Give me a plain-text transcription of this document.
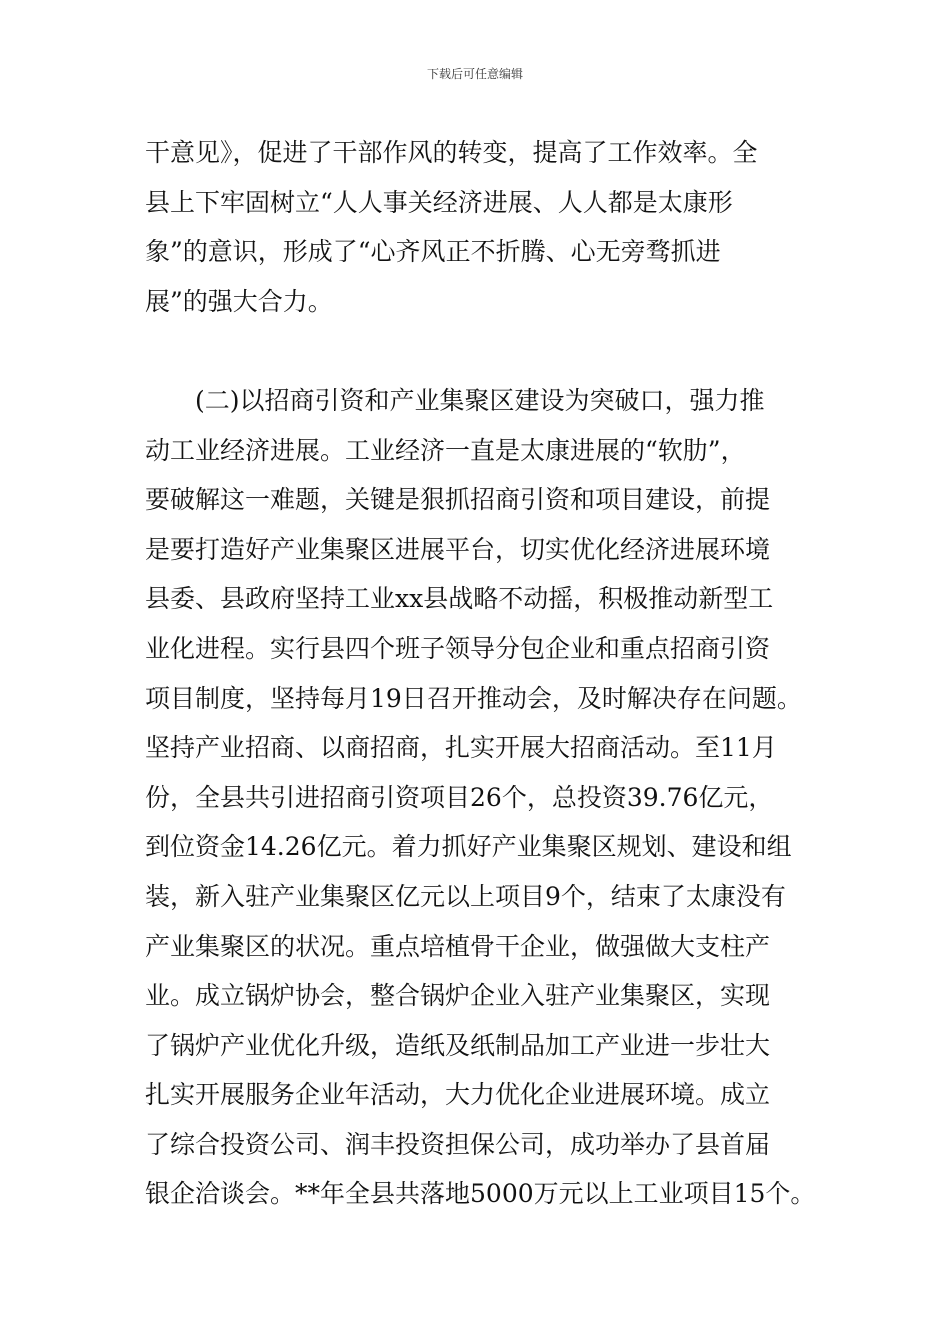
下载后可任意编辑
干意见》，促进了干部作风的转变，提高了工作效率。全
县上下牢固树立“人人事关经济进展、人人都是太康形
象”的意识，形成了“心齐风正不折腾、心无旁骛抓进
展”的强大合力。
　　(二)以招商引资和产业集聚区建设为突破口，强力推
动工业经济进展。工业经济一直是太康进展的“软肋”，
要破解这一难题，关键是狠抓招商引资和项目建设，前提
是要打造好产业集聚区进展平台，切实优化经济进展环境
县委、县政府坚持工业xx县战略不动摇，积极推动新型工
业化进程。实行县四个班子领导分包企业和重点招商引资
项目制度，坚持每月19日召开推动会，及时解决存在问题。
坚持产业招商、以商招商，扎实开展大招商活动。至11月
份，全县共引进招商引资项目26个，总投资39.76亿元，
到位资金14.26亿元。着力抓好产业集聚区规划、建设和组
装，新入驻产业集聚区亿元以上项目9个，结束了太康没有
产业集聚区的状况。重点培植骨干企业，做强做大支柱产
业。成立锅炉协会，整合锅炉企业入驻产业集聚区，实现
了锅炉产业优化升级，造纸及纸制品加工产业进一步壮大
扎实开展服务企业年活动，大力优化企业进展环境。成立
了综合投资公司、润丰投资担保公司，成功举办了县首届
银企洽谈会。**年全县共落地5000万元以上工业项目15个。
